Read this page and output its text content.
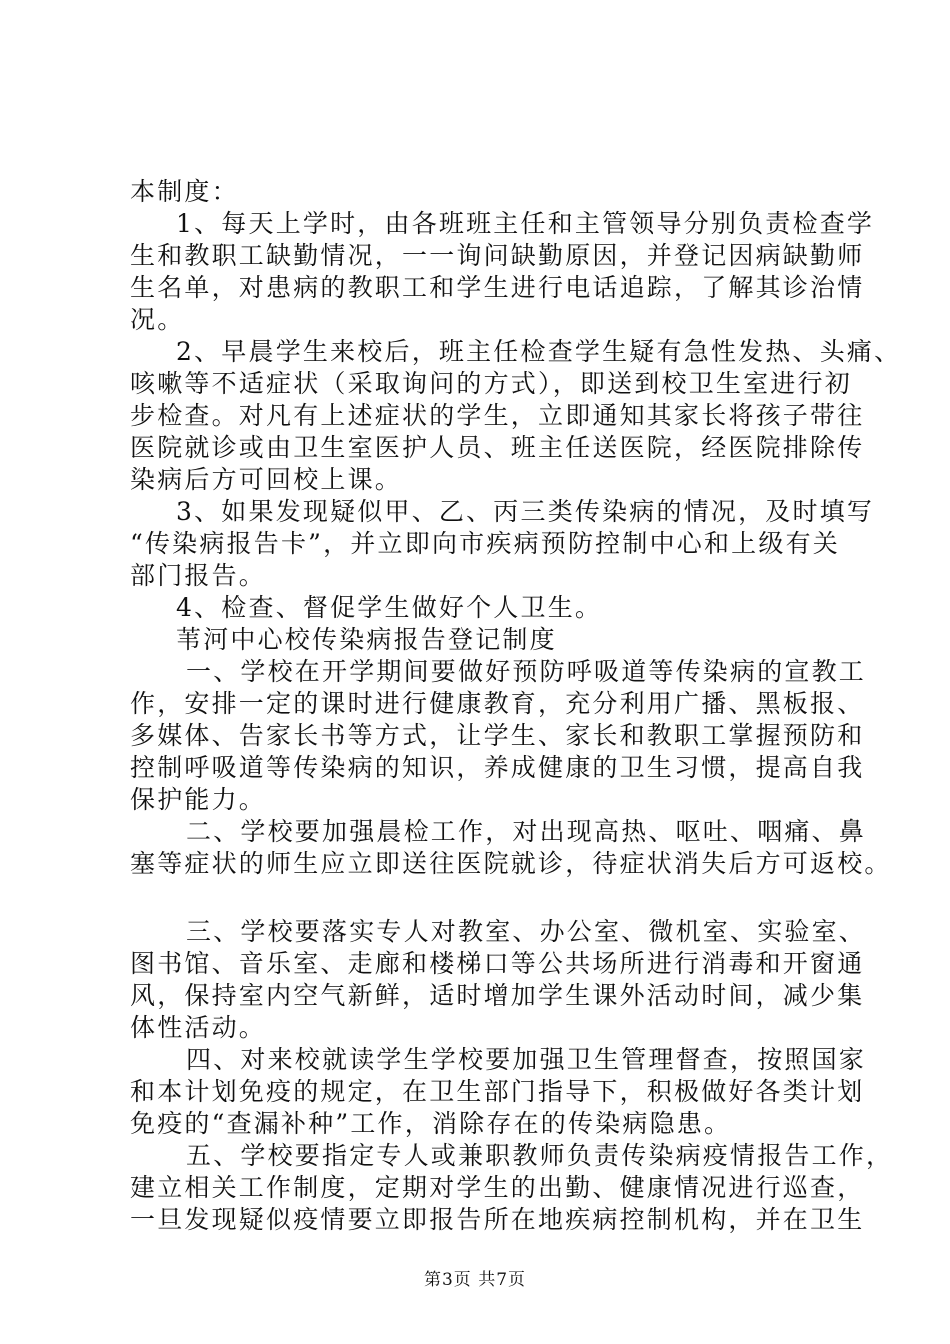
本制度：
1、每天上学时，由各班班主任和主管领导分别负责检查学
生和教职工缺勤情况，一一询问缺勤原因，并登记因病缺勤师
生名单，对患病的教职工和学生进行电话追踪，了解其诊治情
况。
2、早晨学生来校后，班主任检查学生疑有急性发热、头痛、
咳嗽等不适症状（采取询问的方式），即送到校卫生室进行初
步检查。对凡有上述症状的学生，立即通知其家长将孩子带往
医院就诊或由卫生室医护人员、班主任送医院，经医院排除传
染病后方可回校上课。
3、如果发现疑似甲、乙、丙三类传染病的情况，及时填写
“传染病报告卡”，并立即向市疾病预防控制中心和上级有关
部门报告。
4、检查、督促学生做好个人卫生。
苇河中心校传染病报告登记制度
一、学校在开学期间要做好预防呼吸道等传染病的宣教工
作，安排一定的课时进行健康教育，充分利用广播、黑板报、
多媒体、告家长书等方式，让学生、家长和教职工掌握预防和
控制呼吸道等传染病的知识，养成健康的卫生习惯，提高自我
保护能力。
二、学校要加强晨检工作，对出现高热、呕吐、咽痛、鼻
塞等症状的师生应立即送往医院就诊，待症状消失后方可返校。
三、学校要落实专人对教室、办公室、微机室、实验室、
图书馆、音乐室、走廊和楼梯口等公共场所进行消毒和开窗通
风，保持室内空气新鲜，适时增加学生课外活动时间，减少集
体性活动。
四、对来校就读学生学校要加强卫生管理督查，按照国家
和本计划免疫的规定，在卫生部门指导下，积极做好各类计划
免疫的“查漏补种”工作，消除存在的传染病隐患。
五、学校要指定专人或兼职教师负责传染病疫情报告工作，
建立相关工作制度，定期对学生的出勤、健康情况进行巡查，
一旦发现疑似疫情要立即报告所在地疾病控制机构，并在卫生
第3页 共7页
